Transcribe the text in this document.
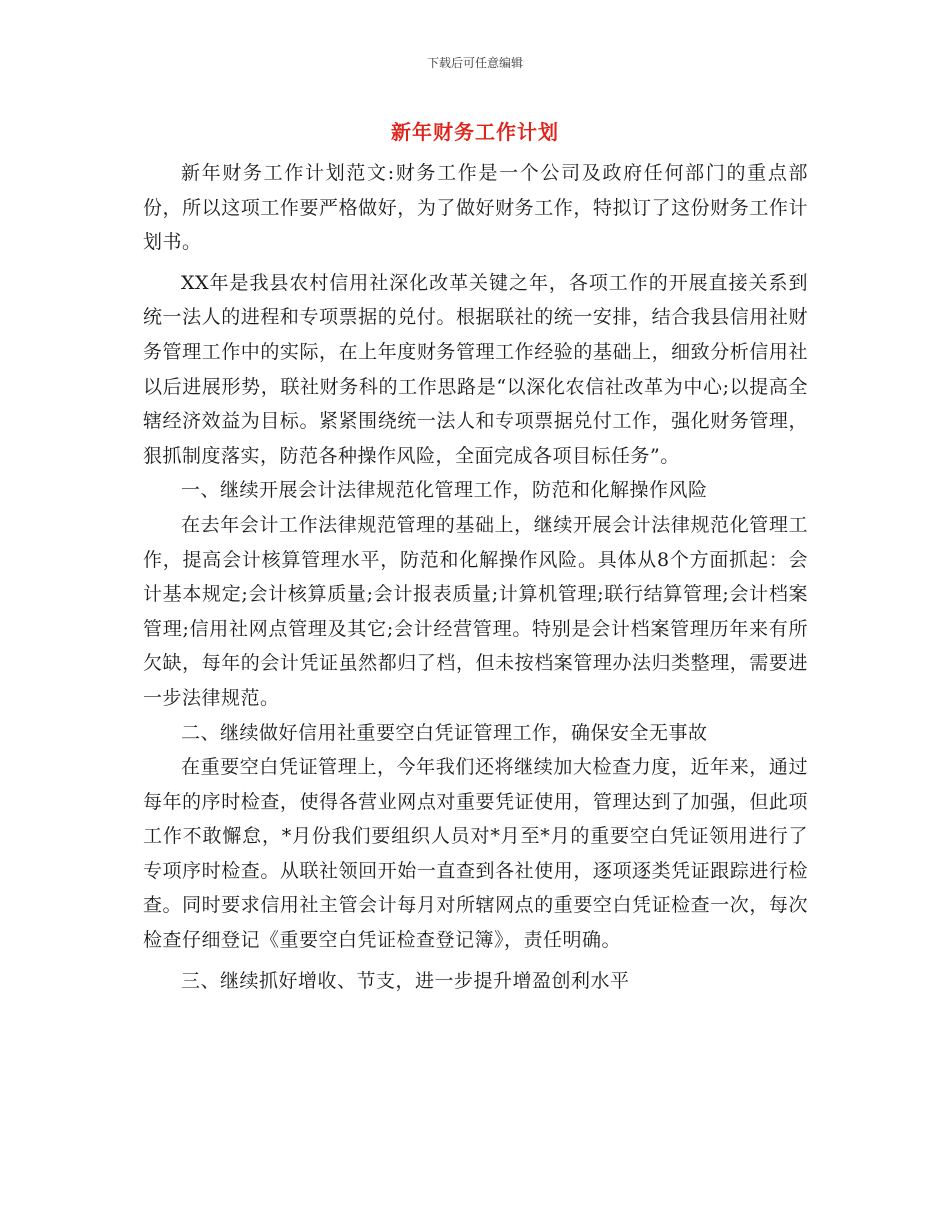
下载后可任意编辑
新年财务工作计划

新年财务工作计划范文:财务工作是一个公司及政府任何部门的重点部份，所以这项工作要严格做好，为了做好财务工作，特拟订了这份财务工作计划书。

XX年是我县农村信用社深化改革关键之年，各项工作的开展直接关系到统一法人的进程和专项票据的兑付。根据联社的统一安排，结合我县信用社财务管理工作中的实际，在上年度财务管理工作经验的基础上，细致分析信用社以后进展形势，联社财务科的工作思路是“以深化农信社改革为中心;以提高全辖经济效益为目标。紧紧围绕统一法人和专项票据兑付工作，强化财务管理，狠抓制度落实，防范各种操作风险，全面完成各项目标任务”。

一、继续开展会计法律规范化管理工作，防范和化解操作风险

在去年会计工作法律规范管理的基础上，继续开展会计法律规范化管理工作，提高会计核算管理水平，防范和化解操作风险。具体从8个方面抓起：会计基本规定;会计核算质量;会计报表质量;计算机管理;联行结算管理;会计档案管理;信用社网点管理及其它;会计经营管理。特别是会计档案管理历年来有所欠缺，每年的会计凭证虽然都归了档，但未按档案管理办法归类整理，需要进一步法律规范。

二、继续做好信用社重要空白凭证管理工作，确保安全无事故

在重要空白凭证管理上，今年我们还将继续加大检查力度，近年来，通过每年的序时检查，使得各营业网点对重要凭证使用，管理达到了加强，但此项工作不敢懈怠，*月份我们要组织人员对*月至*月的重要空白凭证领用进行了专项序时检查。从联社领回开始一直查到各社使用，逐项逐类凭证跟踪进行检查。同时要求信用社主管会计每月对所辖网点的重要空白凭证检查一次，每次检查仔细登记《重要空白凭证检查登记簿》，责任明确。

三、继续抓好增收、节支，进一步提升增盈创利水平
